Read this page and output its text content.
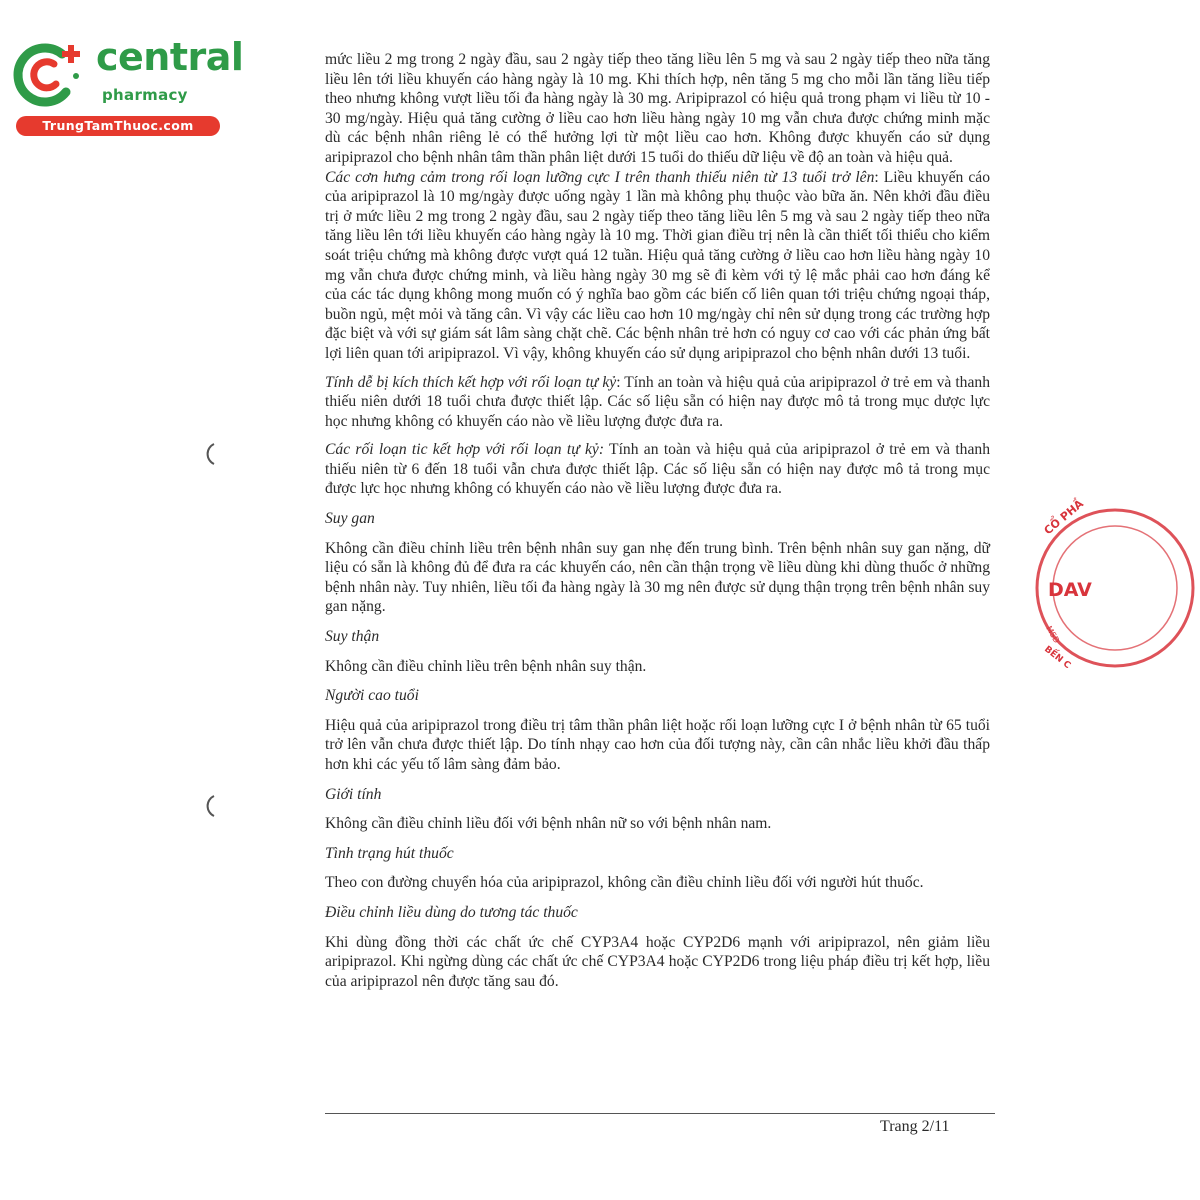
central
pharmacy
TrungTamThuoc.com
CỔ PHẦ
DAV
MSD
BẾN C

mức liều 2 mg trong 2 ngày đầu, sau 2 ngày tiếp theo tăng liều lên 5 mg và sau 2 ngày tiếp theo nữa tăng liều lên tới liều khuyến cáo hàng ngày là 10 mg. Khi thích hợp, nên tăng 5 mg cho mỗi lần tăng liều tiếp theo nhưng không vượt liều tối đa hàng ngày là 30 mg. Aripiprazol có hiệu quả trong phạm vi liều từ 10 - 30 mg/ngày. Hiệu quả tăng cường ở liều cao hơn liều hàng ngày 10 mg vẫn chưa được chứng minh mặc dù các bệnh nhân riêng lẻ có thể hưởng lợi từ một liều cao hơn. Không được khuyến cáo sử dụng aripiprazol cho bệnh nhân tâm thần phân liệt dưới 15 tuổi do thiếu dữ liệu về độ an toàn và hiệu quả.

Các cơn hưng cảm trong rối loạn lưỡng cực I trên thanh thiếu niên từ 13 tuổi trở lên: Liều khuyến cáo của aripiprazol là 10 mg/ngày được uống ngày 1 lần mà không phụ thuộc vào bữa ăn. Nên khởi đầu điều trị ở mức liều 2 mg trong 2 ngày đầu, sau 2 ngày tiếp theo tăng liều lên 5 mg và sau 2 ngày tiếp theo nữa tăng liều lên tới liều khuyến cáo hàng ngày là 10 mg. Thời gian điều trị nên là cần thiết tối thiểu cho kiểm soát triệu chứng mà không được vượt quá 12 tuần. Hiệu quả tăng cường ở liều cao hơn liều hàng ngày 10 mg vẫn chưa được chứng minh, và liều hàng ngày 30 mg sẽ đi kèm với tỷ lệ mắc phải cao hơn đáng kể của các tác dụng không mong muốn có ý nghĩa bao gồm các biến cố liên quan tới triệu chứng ngoại tháp, buồn ngủ, mệt mỏi và tăng cân. Vì vậy các liều cao hơn 10 mg/ngày chỉ nên sử dụng trong các trường hợp đặc biệt và với sự giám sát lâm sàng chặt chẽ. Các bệnh nhân trẻ hơn có nguy cơ cao với các phản ứng bất lợi liên quan tới aripiprazol. Vì vậy, không khuyến cáo sử dụng aripiprazol cho bệnh nhân dưới 13 tuổi.

Tính dễ bị kích thích kết hợp với rối loạn tự kỷ: Tính an toàn và hiệu quả của aripiprazol ở trẻ em và thanh thiếu niên dưới 18 tuổi chưa được thiết lập. Các số liệu sẵn có hiện nay được mô tả trong mục dược lực học nhưng không có khuyến cáo nào về liều lượng được đưa ra.

Các rối loạn tic kết hợp với rối loạn tự kỷ: Tính an toàn và hiệu quả của aripiprazol ở trẻ em và thanh thiếu niên từ 6 đến 18 tuổi vẫn chưa được thiết lập. Các số liệu sẵn có hiện nay được mô tả trong mục được lực học nhưng không có khuyến cáo nào về liều lượng được đưa ra.

Suy gan

Không cần điều chỉnh liều trên bệnh nhân suy gan nhẹ đến trung bình. Trên bệnh nhân suy gan nặng, dữ liệu có sẵn là không đủ để đưa ra các khuyến cáo, nên cần thận trọng về liều dùng khi dùng thuốc ở những bệnh nhân này. Tuy nhiên, liều tối đa hàng ngày là 30 mg nên được sử dụng thận trọng trên bệnh nhân suy gan nặng.

Suy thận

Không cần điều chỉnh liều trên bệnh nhân suy thận.

Người cao tuổi

Hiệu quả của aripiprazol trong điều trị tâm thần phân liệt hoặc rối loạn lưỡng cực I ở bệnh nhân từ 65 tuổi trở lên vẫn chưa được thiết lập. Do tính nhạy cao hơn của đối tượng này, cần cân nhắc liều khởi đầu thấp hơn khi các yếu tố lâm sàng đảm bảo.

Giới tính

Không cần điều chỉnh liều đối với bệnh nhân nữ so với bệnh nhân nam.

Tình trạng hút thuốc

Theo con đường chuyển hóa của aripiprazol, không cần điều chỉnh liều đối với người hút thuốc.

Điều chỉnh liều dùng do tương tác thuốc

Khi dùng đồng thời các chất ức chế CYP3A4 hoặc CYP2D6 mạnh với aripiprazol, nên giảm liều aripiprazol. Khi ngừng dùng các chất ức chế CYP3A4 hoặc CYP2D6 trong liệu pháp điều trị kết hợp, liều của aripiprazol nên được tăng sau đó.

Trang 2/11
